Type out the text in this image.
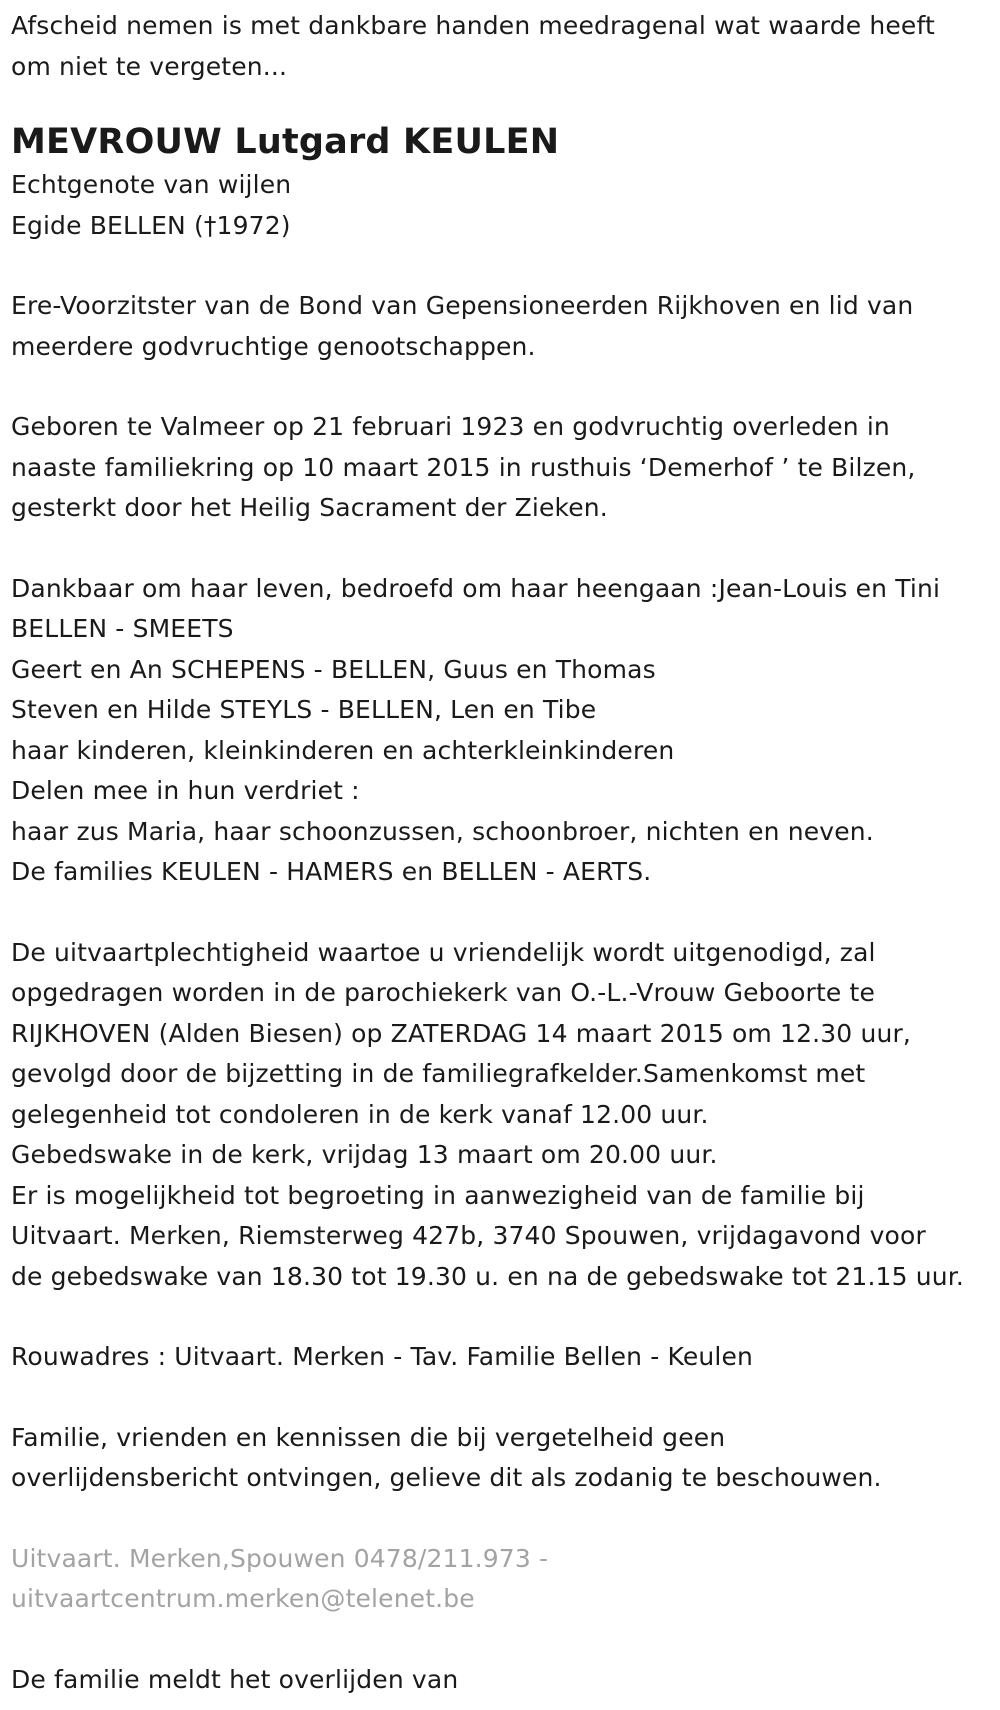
Afscheid nemen is met dankbare handen meedragenal wat waarde heeft
om niet te vergeten...

MEVROUW Lutgard KEULEN

Echtgenote van wijlen
Egide BELLEN (†1972)

Ere-Voorzitster van de Bond van Gepensioneerden Rijkhoven en lid van
meerdere godvruchtige genootschappen.

Geboren te Valmeer op 21 februari 1923 en godvruchtig overleden in
naaste familiekring op 10 maart 2015 in rusthuis ‘Demerhof ’ te Bilzen,
gesterkt door het Heilig Sacrament der Zieken.

Dankbaar om haar leven, bedroefd om haar heengaan :Jean-Louis en Tini
BELLEN - SMEETS
Geert en An SCHEPENS - BELLEN, Guus en Thomas
Steven en Hilde STEYLS - BELLEN, Len en Tibe
haar kinderen, kleinkinderen en achterkleinkinderen
Delen mee in hun verdriet :
haar zus Maria, haar schoonzussen, schoonbroer, nichten en neven.
De families KEULEN - HAMERS en BELLEN - AERTS.

De uitvaartplechtigheid waartoe u vriendelijk wordt uitgenodigd, zal
opgedragen worden in de parochiekerk van O.-L.-Vrouw Geboorte te
RIJKHOVEN (Alden Biesen) op ZATERDAG 14 maart 2015 om 12.30 uur,
gevolgd door de bijzetting in de familiegrafkelder.Samenkomst met
gelegenheid tot condoleren in de kerk vanaf 12.00 uur.
Gebedswake in de kerk, vrijdag 13 maart om 20.00 uur.
Er is mogelijkheid tot begroeting in aanwezigheid van de familie bij
Uitvaart. Merken, Riemsterweg 427b, 3740 Spouwen, vrijdagavond voor
de gebedswake van 18.30 tot 19.30 u. en na de gebedswake tot 21.15 uur.

Rouwadres : Uitvaart. Merken - Tav. Familie Bellen - Keulen

Familie, vrienden en kennissen die bij vergetelheid geen
overlijdensbericht ontvingen, gelieve dit als zodanig te beschouwen.

Uitvaart. Merken,Spouwen 0478/211.973 -
uitvaartcentrum.merken@telenet.be

De familie meldt het overlijden van
